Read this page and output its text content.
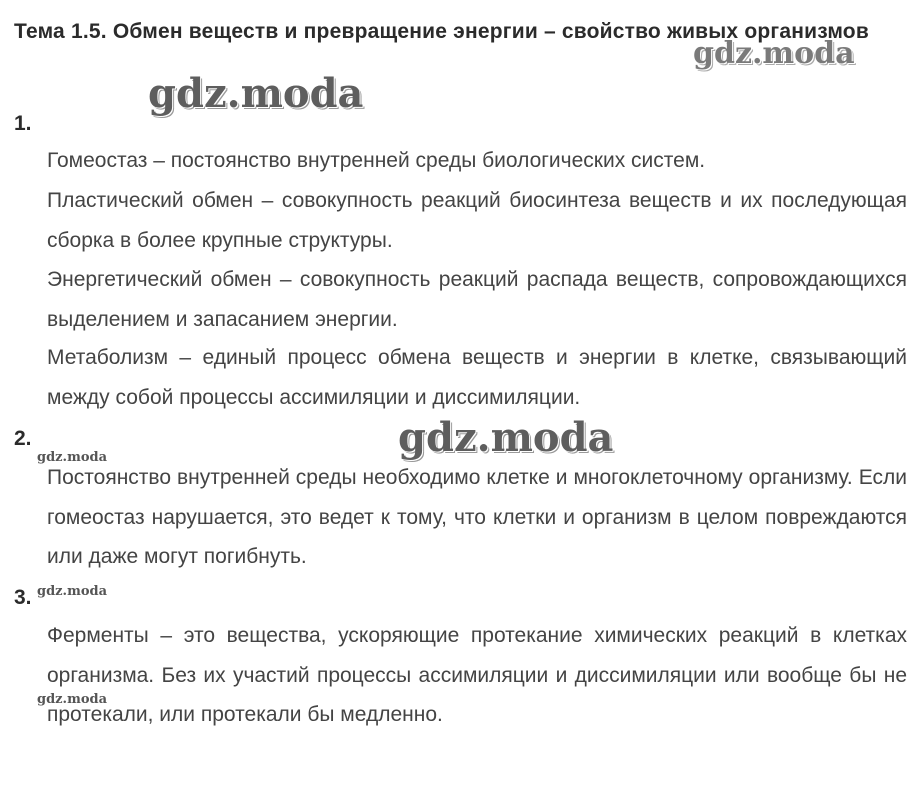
Тема 1.5. Обмен веществ и превращение энергии – свойство живых организмов
gdz.moda
gdz.moda
gdz.moda
gdz.moda
gdz.moda
gdz.moda
1.

Гомеостаз – постоянство внутренней среды биологических систем.

Пластический обмен – совокупность реакций биосинтеза веществ и их последующая сборка в более крупные структуры.

Энергетический обмен – совокупность реакций распада веществ, сопровождающихся выделением и запасанием энергии.

Метаболизм – единый процесс обмена веществ и энергии в клетке, связывающий между собой процессы ассимиляции и диссимиляции.

2.

Постоянство внутренней среды необходимо клетке и многоклеточному организму. Если гомеостаз нарушается, это ведет к тому, что клетки и организм в целом повреждаются или даже могут погибнуть.

3.

Ферменты – это вещества, ускоряющие протекание химических реакций в клетках организма. Без их участий процессы ассимиляции и диссимиляции или вообще бы не протекали, или протекали бы медленно.
